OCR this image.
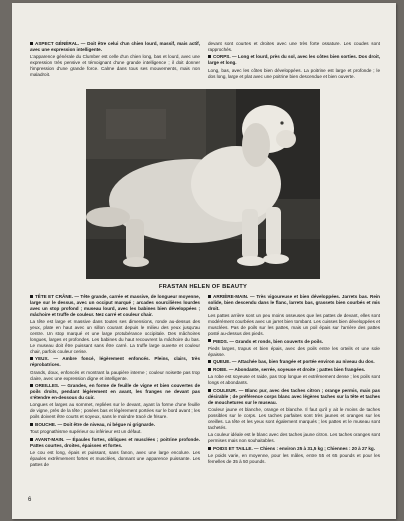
ASPECT GÉNÉRAL. — Doit être celui d'un chien lourd, massif, mais actif, avec une expression intelligente.

L'apparence générale du Clumber est celle d'un chien long, bas et lourd, avec une expression très pensive et témoignant d'une grande intelligence ; il doit donner l'impression d'une grande force. Calme dans tous ses mouvements, mais non maladroit.

devant sont courtes et droites avec une très forte ossature. Les coudes sont rapprochés.

CORPS. — Long et lourd, près du sol, avec les côtes bien sorties. Dos droit, large et long.

Long, bas, avec les côtes bien développées. La poitrine est large et profonde ; le dos long, large et plat avec une poitrine bien descendue et bien ouverte.

FRASTAN HELEN OF BEAUTY

TÊTE ET CRÂNE. — Tête grande, carrée et massive, de longueur moyenne, large sur le dessus, avec un occiput marqué ; arcades sourcilières lourdes avec un stop profond ; museau lourd, avec les babines bien développées ; mâchoire et truffe de couleur. Nez carré et couleur chair.

La tête est large et massive dans toutes ses dimensions, ronde au-dessus des yeux, plate en haut avec un sillon courant depuis le milieu des yeux jusqu'au centre. Un stop marqué et une large protubérance occipitale. Des mâchoires longues, larges et profondes. Les babines du haut recouvrent la mâchoire du bas. Le museau doit être puissant sans être carré. La truffe large ouverte et couleur chair, parfois couleur cerise.

YEUX. — Ambre foncé, légèrement enfoncés. Pleins, clairs, très réprobatrices.

Grands, doux, enfoncés et montrant la paupière interne ; couleur noisette pas trop claire, avec une expression digne et intelligente.

OREILLES. — Grandes, en forme de feuille de vigne et bien couvertes de poils droits, pendant légèrement en avant, les franges ne devant pas s'étendre en-dessous du cuir.

Longues et larges au sommet, repliées sur le devant, ayant la forme d'une feuille de vigne, près de la tête ; posées bas et légèrement portées sur le bord avant ; les poils doivent être courts et soyeux, sans le moindre tracé de frisure.

BOUCHE. — Doit être de niveau, ni bégue ni grignarde.

Tout prognathisme supérieur ou inférieur est un défaut.

AVANT-MAIN. — Épaules fortes, obliques et musclées ; poitrine profonde. Pattes courtes, droites, épaisses et fortes.

Le cou est long, épais et puissant, sans fanon, avec une large encolure. Les épaules extrêmement fortes et musclées, donnant une apparence puissante. Les pattes de

ARRIÈRE-MAIN. — Très vigoureuse et bien développées. Jarrets bas. Rein solide, bien descendu dans le flanc, larrets bas, grassets bien courbés et mis droit.

Les pattes arrière sont un peu moins osseuses que les pattes de devant, elles sont modérément courbées avec un jarret bien tombant. Les cuisses bien développées et musclées. Pas de poils sur les pattes, mais un poil épais sur l'arrière des pattes posté au-dessus des pieds.

PIEDS. — Grands et ronds, bien couverts de poils.

Pieds larges, trapus et bien épais, avec des poils entre les orteils et une sole épaisse.

QUEUE. — Attachée bas, bien frangée et portée environ au niveau du dos.

ROBE. — Abondante, serrée, soyeuse et droite ; pattes bien frangées.

La robe est soyeuse et raide, pas trop longue et extrêmement dense ; les poils sont longs et abondants.

COULEUR. — Blanc pur, avec des taches citron ; orange permis, mais pas désirable ; de préférence corps blanc avec légères taches sur la tête et taches de mouchetures sur le museau.

Couleur jaune et blanche, orange et blanche. Il faut qu'il y ait le moins de taches possibles sur le corps. Les taches parfaites sont très jaunes et oranges sur les oreilles. La tête et les yeux sont également marqués ; les pattes et le museau sont tachetés.

La couleur idéale est le blanc avec des taches jaune citron. Les taches oranges sont permises mais non souhaitables.

POIDS ET TAILLE. — Chiens : environ 25 à 31,5 kg ; Chiennes : 20 à 27 kg.

Le poids varie, en moyenne, pour les mâles, entre 55 et 65 pounds et pour les femelles de 35 à 50 pounds.

6
